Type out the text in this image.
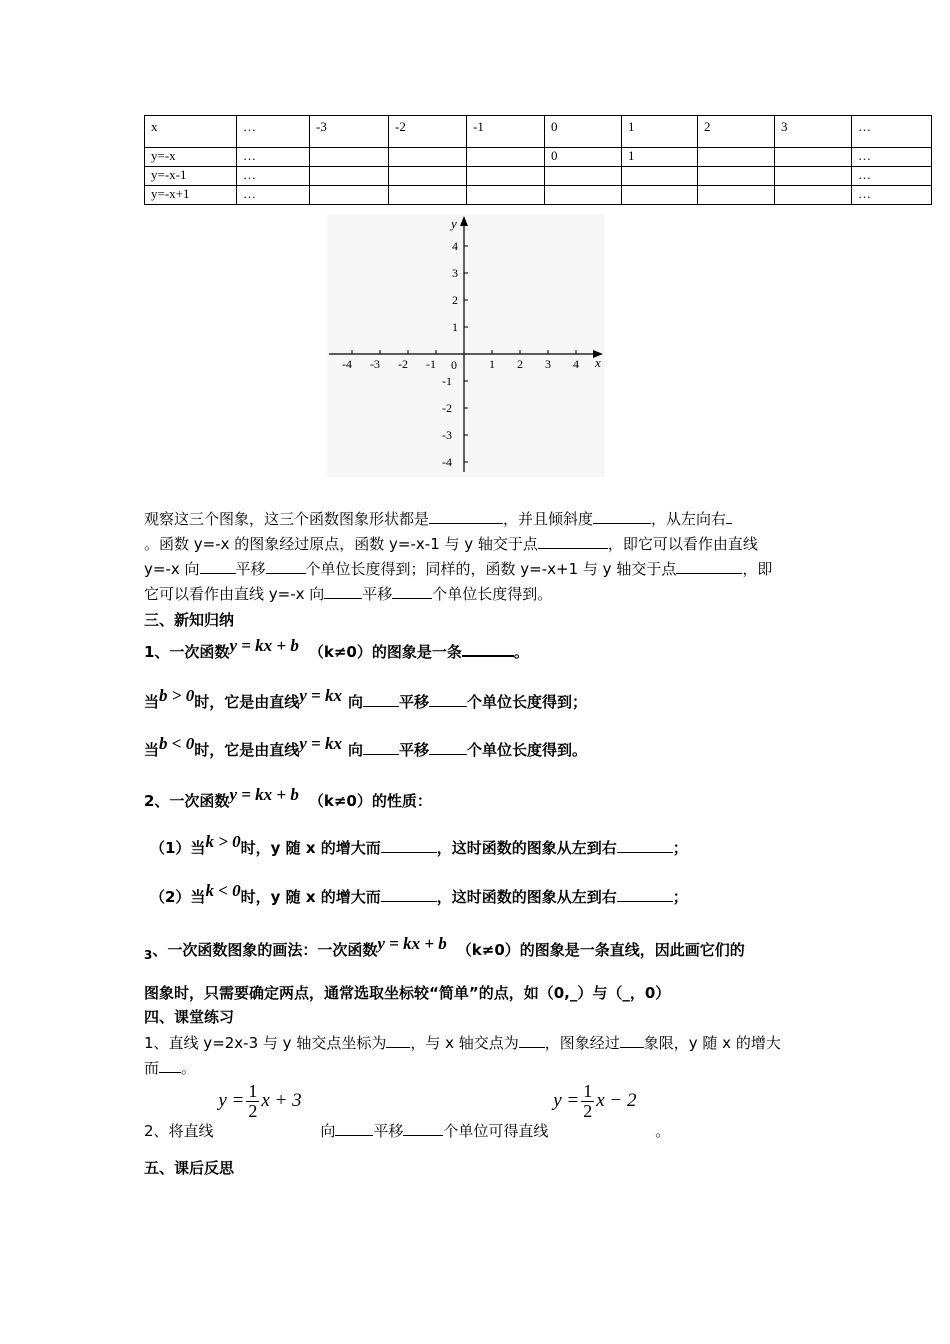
x	…	-3	-2	-1	0	1	2	3	…
y=-x	…				0	1			…
y=-x-1	…								…
y=-x+1	…								…
-4 -3 -2 -1	1 2 3 4
4
3
2
1
-1
-2
-3
-4
x
y
0
观察这三个图象，这三个函数图象形状都是	，并且倾斜度	，从左向右
。函数 y=-x 的图象经过原点，函数 y=-x-1 与 y 轴交于点	，即它可以看作由直线
y=-x 向 平移	个单位长度得到；同样的，函数 y=-x+1 与 y 轴交于点	，即
它可以看作由直线 y=-x 向	平移	个单位长度得到。
三、新知归纳
1、一次函数y = kx + b （k≠0）的图象是一条	。
当b > 0时，它是由直线y = kx 向 平移	个单位长度得到；
当b < 0时，它是由直线y = kx 向 平移	个单位长度得到。
2、一次函数y = kx + b （k≠0）的性质：
（1）当k > 0时，y 随 x 的增大而	，这时函数的图象从左到右	；
（2）当k < 0时，y 随 x 的增大而	，这时函数的图象从左到右	；
$_3$、一次函数图象的画法：一次函数y = kx + b （k≠0）的图象是一条直线，因此画它们的
图象时，只需要确定两点，通常选取坐标较“简单”的点，如（0,_）与（_，0）
四、课堂练习
1、直线 y=2x-3 与 y 轴交点坐标为 ，与 x 轴交点为 ，图象经过 象限，y 随 x 的增大
而 。
2、将直线 $y = \frac{1}{2}$ x + 3 向	平移	个单位可得直线 $y = \frac{1}{2}$ x − 2 。
五、课后反思
